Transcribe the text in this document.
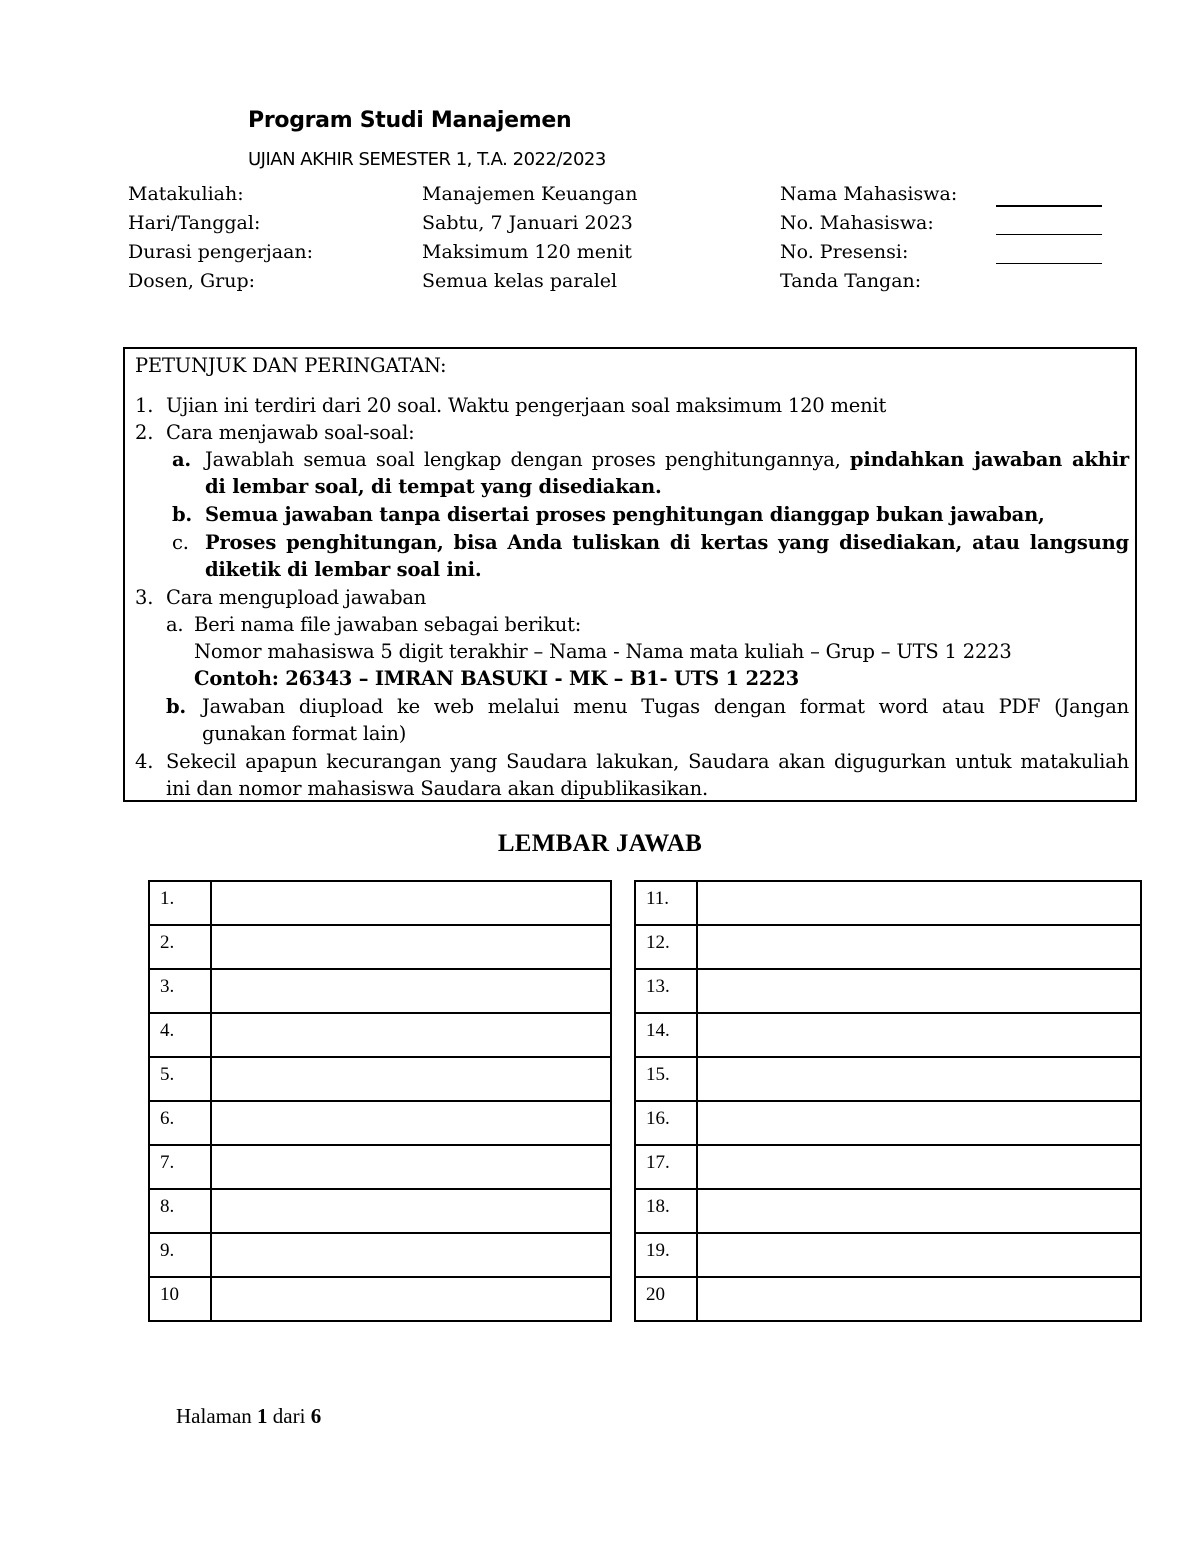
Program Studi Manajemen
UJIAN AKHIR SEMESTER 1, T.A. 2022/2023
Matakuliah:	Manajemen Keuangan	Nama Mahasiswa:
Hari/Tanggal:	Sabtu, 7 Januari 2023	No. Mahasiswa:
Durasi pengerjaan:	Maksimum 120 menit	No. Presensi:
Dosen, Grup:	Semua kelas paralel	Tanda Tangan:
PETUNJUK DAN PERINGATAN:
1. Ujian ini terdiri dari 20 soal. Waktu pengerjaan soal maksimum 120 menit
2. Cara menjawab soal-soal:
a. Jawablah semua soal lengkap dengan proses penghitungannya, pindahkan jawaban akhir
di lembar soal, di tempat yang disediakan.
b. Semua jawaban tanpa disertai proses penghitungan dianggap bukan jawaban,
c. Proses penghitungan, bisa Anda tuliskan di kertas yang disediakan, atau langsung
diketik di lembar soal ini.
3. Cara mengupload jawaban
a. Beri nama file jawaban sebagai berikut:
Nomor mahasiswa 5 digit terakhir – Nama - Nama mata kuliah – Grup – UTS 1 2223
Contoh: 26343 – IMRAN BASUKI - MK – B1- UTS 1 2223
b. Jawaban diupload ke web melalui menu Tugas dengan format word atau PDF (Jangan
gunakan format lain)
4. Sekecil apapun kecurangan yang Saudara lakukan, Saudara akan digugurkan untuk matakuliah
ini dan nomor mahasiswa Saudara akan dipublikasikan.
LEMBAR JAWAB
1.	
2.	
3.	
4.	
5.	
6.	
7.	
8.	
9.	
10	
11.	
12.	
13.	
14.	
15.	
16.	
17.	
18.	
19.	
20	
Halaman 1 dari 6
